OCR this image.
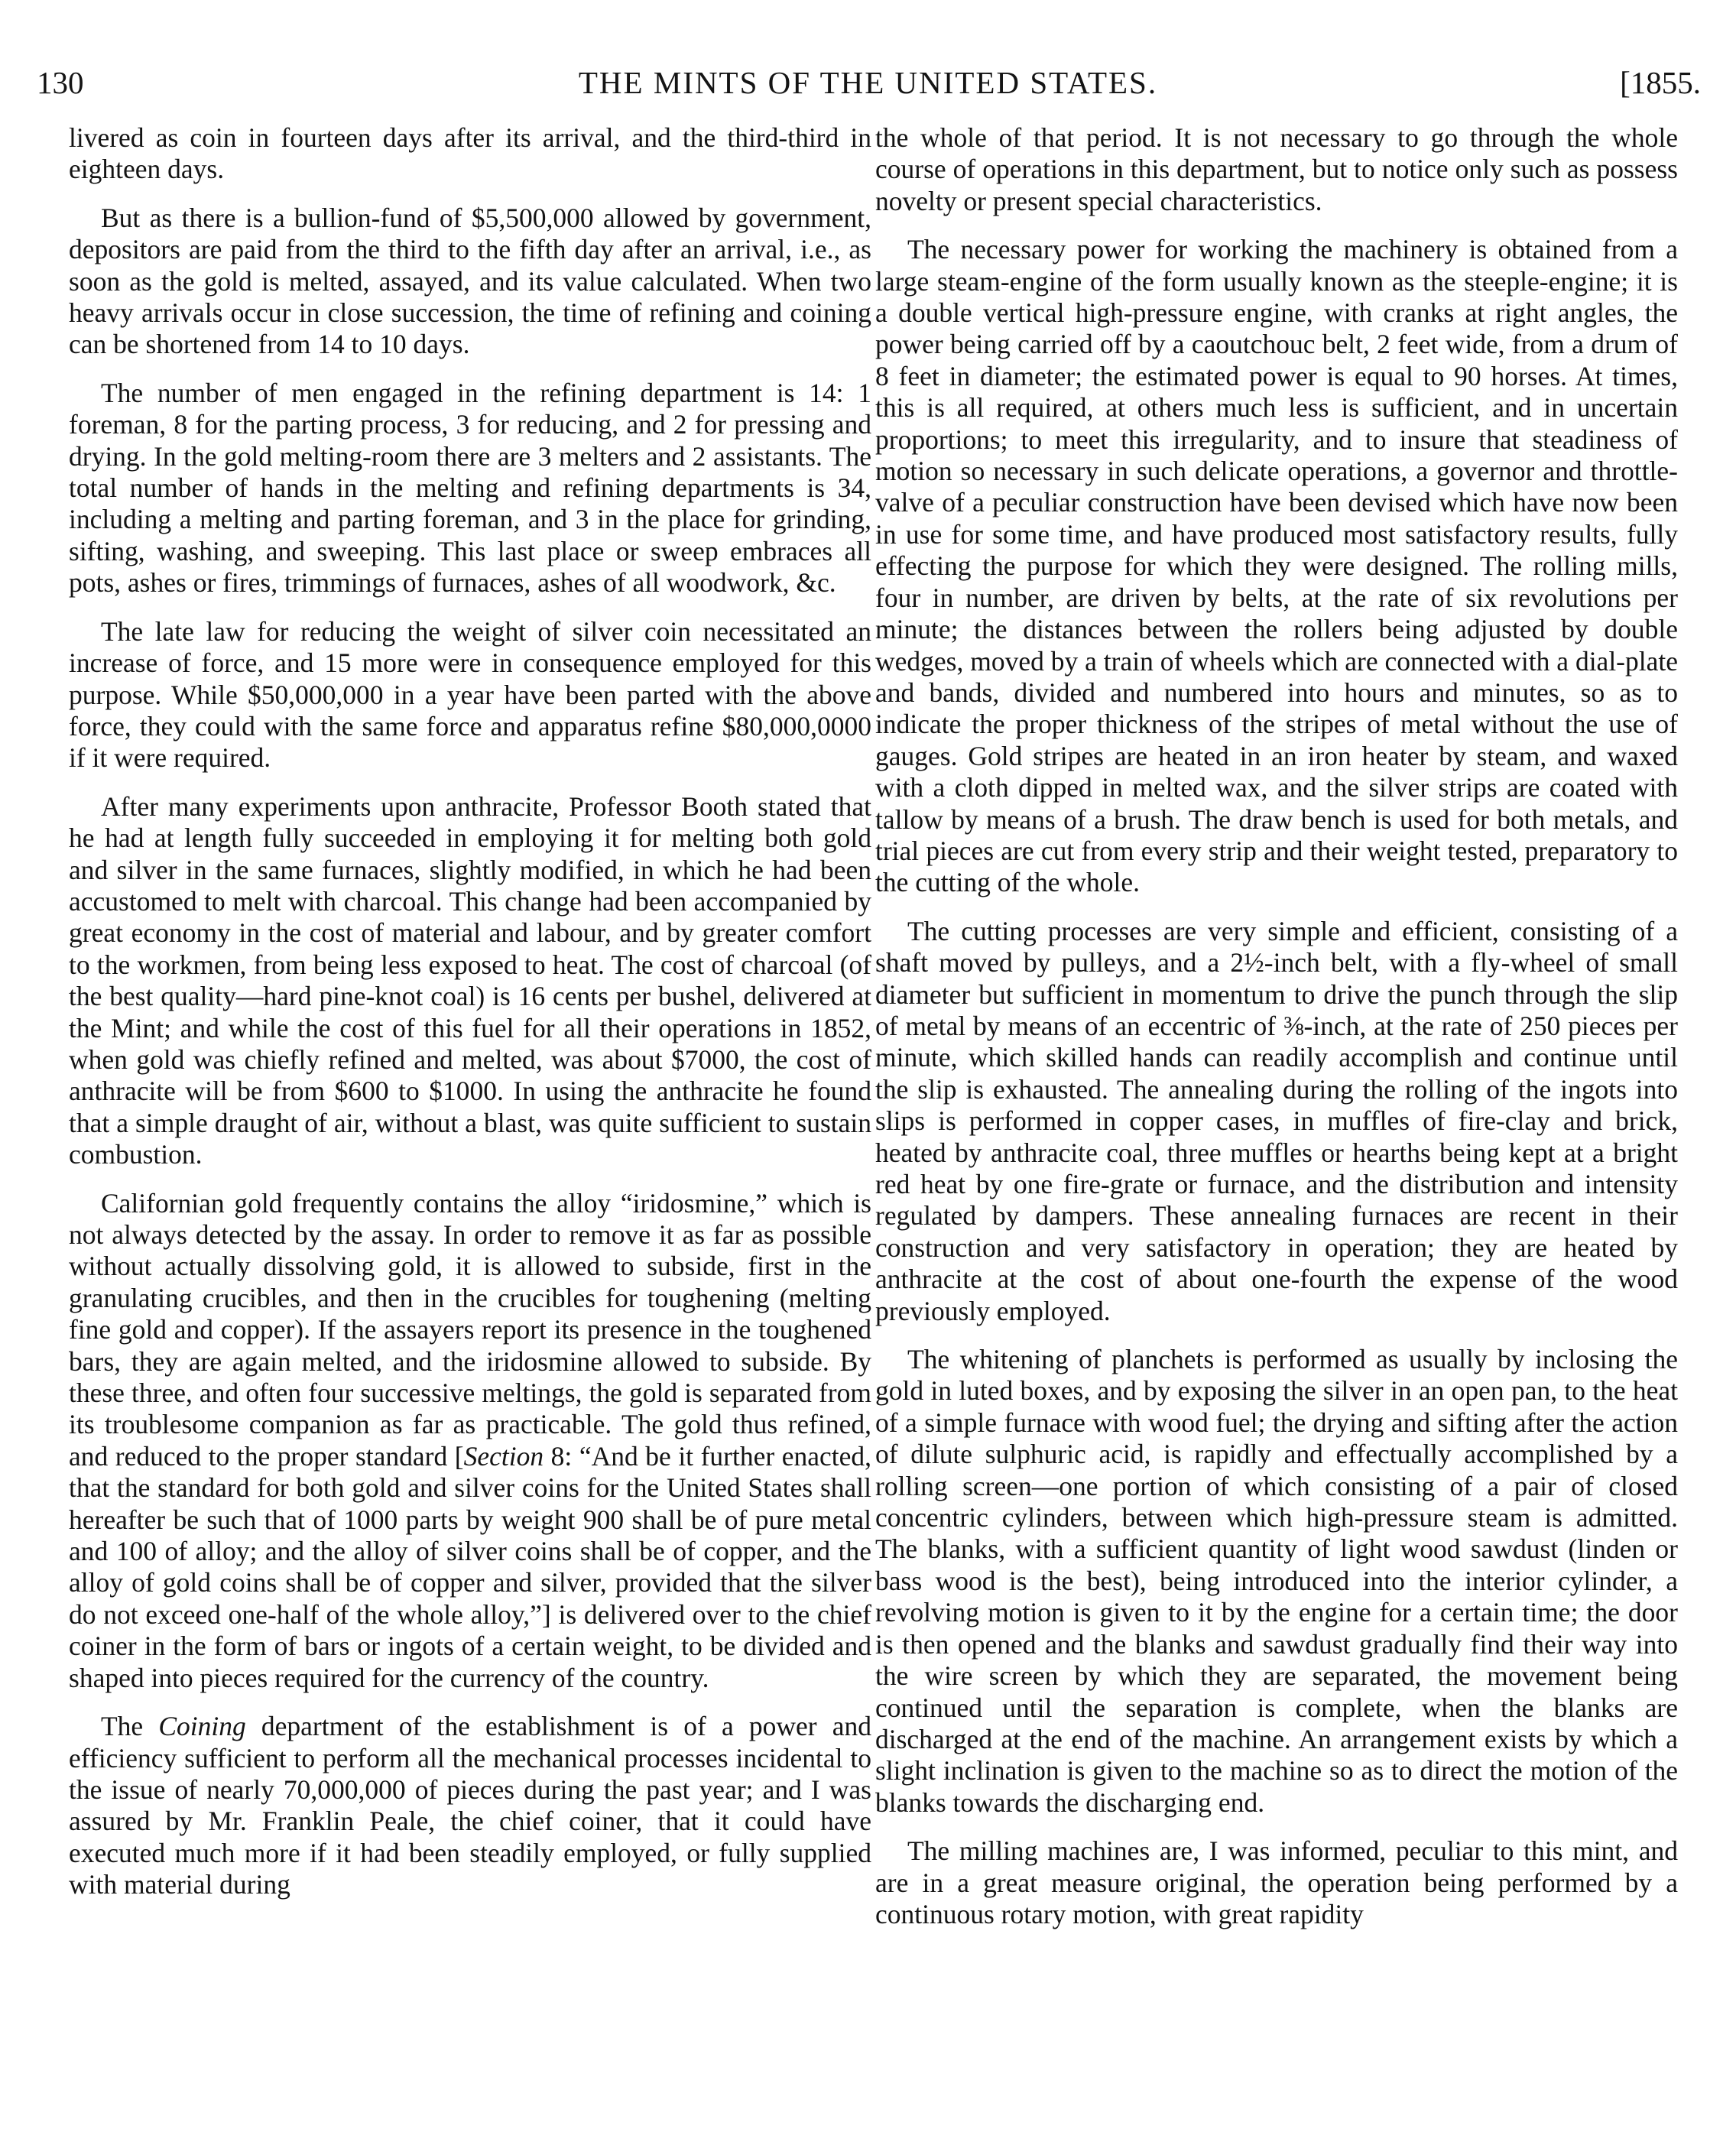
130	THE MINTS OF THE UNITED STATES.	[1855.

livered as coin in fourteen days after its arrival, and the third-third in eighteen days.

But as there is a bullion-fund of $5,500,000 allowed by government, depositors are paid from the third to the fifth day after an arrival, i.e., as soon as the gold is melted, assayed, and its value calculated. When two heavy arrivals occur in close succession, the time of refining and coining can be shortened from 14 to 10 days.

The number of men engaged in the refining department is 14: 1 foreman, 8 for the parting process, 3 for reducing, and 2 for pressing and drying. In the gold melting-room there are 3 melters and 2 assistants. The total number of hands in the melting and refining departments is 34, including a melting and parting foreman, and 3 in the place for grinding, sifting, washing, and sweeping. This last place or sweep embraces all pots, ashes or fires, trimmings of furnaces, ashes of all woodwork, &c.

The late law for reducing the weight of silver coin necessitated an increase of force, and 15 more were in consequence employed for this purpose. While $50,000,000 in a year have been parted with the above force, they could with the same force and apparatus refine $80,000,0000 if it were required.

After many experiments upon anthracite, Professor Booth stated that he had at length fully succeeded in employing it for melting both gold and silver in the same furnaces, slightly modified, in which he had been accustomed to melt with charcoal. This change had been accompanied by great economy in the cost of material and labour, and by greater comfort to the workmen, from being less exposed to heat. The cost of charcoal (of the best quality—hard pine-knot coal) is 16 cents per bushel, delivered at the Mint; and while the cost of this fuel for all their operations in 1852, when gold was chiefly refined and melted, was about $7000, the cost of anthracite will be from $600 to $1000. In using the anthracite he found that a simple draught of air, without a blast, was quite sufficient to sustain combustion.

Californian gold frequently contains the alloy “iridosmine,” which is not always detected by the assay. In order to remove it as far as possible without actually dissolving gold, it is allowed to subside, first in the granulating crucibles, and then in the crucibles for toughening (melting fine gold and copper). If the assayers report its presence in the toughened bars, they are again melted, and the iridosmine allowed to subside. By these three, and often four successive meltings, the gold is separated from its troublesome companion as far as practicable. The gold thus refined, and reduced to the proper standard [Section 8: “And be it further enacted, that the standard for both gold and silver coins for the United States shall hereafter be such that of 1000 parts by weight 900 shall be of pure metal and 100 of alloy; and the alloy of silver coins shall be of copper, and the alloy of gold coins shall be of copper and silver, provided that the silver do not exceed one-half of the whole alloy,”] is delivered over to the chief coiner in the form of bars or ingots of a certain weight, to be divided and shaped into pieces required for the currency of the country.

The Coining department of the establishment is of a power and efficiency sufficient to perform all the mechanical processes incidental to the issue of nearly 70,000,000 of pieces during the past year; and I was assured by Mr. Franklin Peale, the chief coiner, that it could have executed much more if it had been steadily employed, or fully supplied with material during

the whole of that period. It is not necessary to go through the whole course of operations in this department, but to notice only such as possess novelty or present special characteristics.

The necessary power for working the machinery is obtained from a large steam-engine of the form usually known as the steeple-engine; it is a double vertical high-pressure engine, with cranks at right angles, the power being carried off by a caoutchouc belt, 2 feet wide, from a drum of 8 feet in diameter; the estimated power is equal to 90 horses. At times, this is all required, at others much less is sufficient, and in uncertain proportions; to meet this irregularity, and to insure that steadiness of motion so necessary in such delicate operations, a governor and throttle-valve of a peculiar construction have been devised which have now been in use for some time, and have produced most satisfactory results, fully effecting the purpose for which they were designed. The rolling mills, four in number, are driven by belts, at the rate of six revolutions per minute; the distances between the rollers being adjusted by double wedges, moved by a train of wheels which are connected with a dial-plate and bands, divided and numbered into hours and minutes, so as to indicate the proper thickness of the stripes of metal without the use of gauges. Gold stripes are heated in an iron heater by steam, and waxed with a cloth dipped in melted wax, and the silver strips are coated with tallow by means of a brush. The draw bench is used for both metals, and trial pieces are cut from every strip and their weight tested, preparatory to the cutting of the whole.

The cutting processes are very simple and efficient, consisting of a shaft moved by pulleys, and a 2½-inch belt, with a fly-wheel of small diameter but sufficient in momentum to drive the punch through the slip of metal by means of an eccentric of ⅜-inch, at the rate of 250 pieces per minute, which skilled hands can readily accomplish and continue until the slip is exhausted. The annealing during the rolling of the ingots into slips is performed in copper cases, in muffles of fire-clay and brick, heated by anthracite coal, three muffles or hearths being kept at a bright red heat by one fire-grate or furnace, and the distribution and intensity regulated by dampers. These annealing furnaces are recent in their construction and very satisfactory in operation; they are heated by anthracite at the cost of about one-fourth the expense of the wood previously employed.

The whitening of planchets is performed as usually by inclosing the gold in luted boxes, and by exposing the silver in an open pan, to the heat of a simple furnace with wood fuel; the drying and sifting after the action of dilute sulphuric acid, is rapidly and effectually accomplished by a rolling screen—one portion of which consisting of a pair of closed concentric cylinders, between which high-pressure steam is admitted. The blanks, with a sufficient quantity of light wood sawdust (linden or bass wood is the best), being introduced into the interior cylinder, a revolving motion is given to it by the engine for a certain time; the door is then opened and the blanks and sawdust gradually find their way into the wire screen by which they are separated, the movement being continued until the separation is complete, when the blanks are discharged at the end of the machine. An arrangement exists by which a slight inclination is given to the machine so as to direct the motion of the blanks towards the discharging end.

The milling machines are, I was informed, peculiar to this mint, and are in a great measure original, the operation being performed by a continuous rotary motion, with great rapidity
